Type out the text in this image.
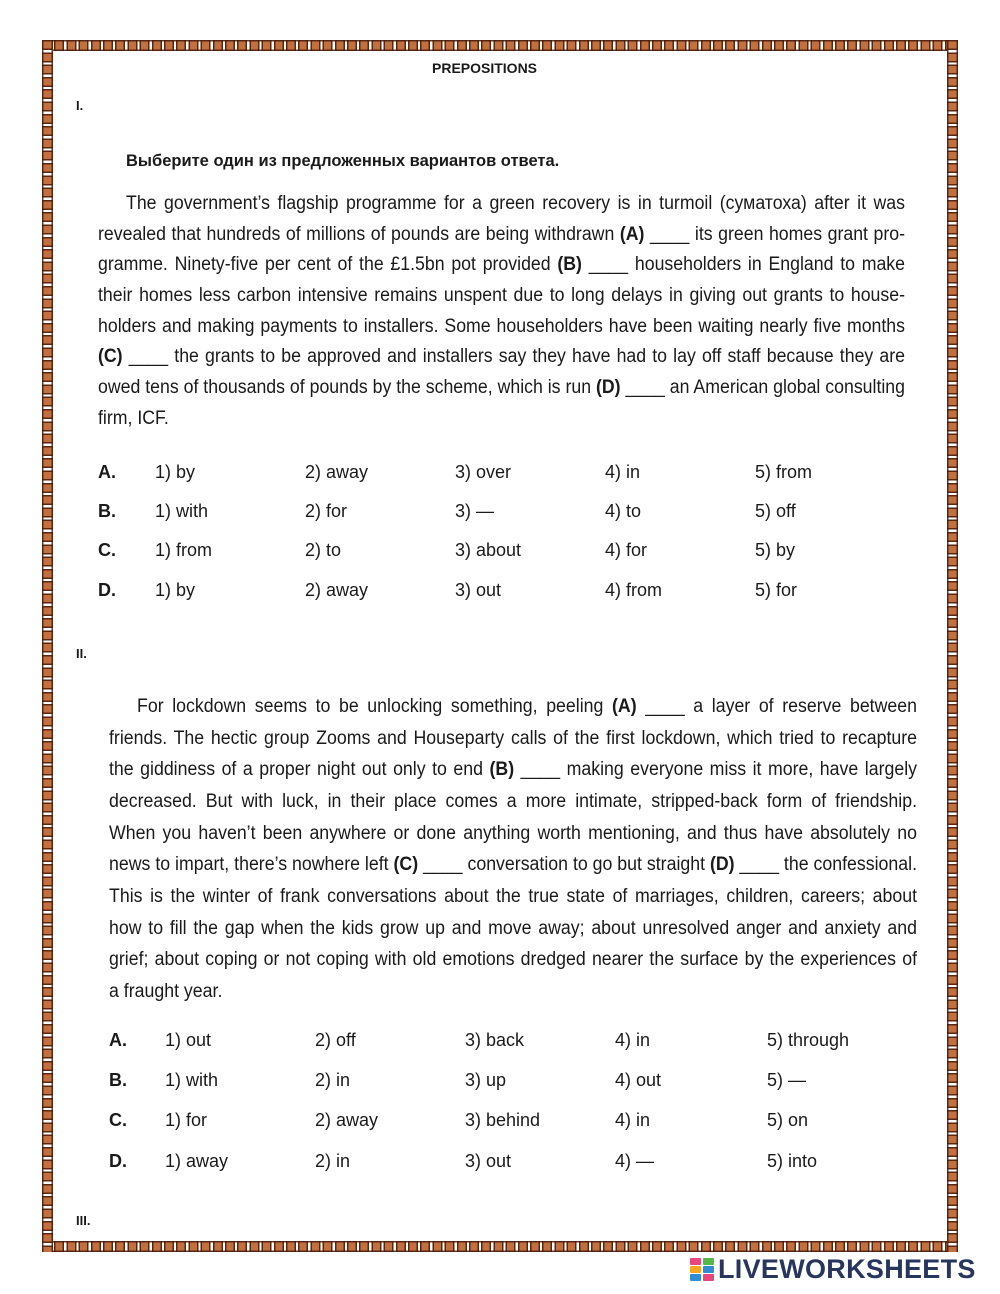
PREPOSITIONS
I.
Выберите один из предложенных вариантов ответа.
The government’s flagship programme for a green recovery is in turmoil (суматоха) after it was
revealed that hundreds of millions of pounds are being withdrawn (A) ____ its green homes grant pro-
gramme. Ninety-five per cent of the £1.5bn pot provided (B) ____ householders in England to make
their homes less carbon intensive remains unspent due to long delays in giving out grants to house-
holders and making payments to installers. Some householders have been waiting nearly five months
(C) ____ the grants to be approved and installers say they have had to lay off staff because they are
owed tens of thousands of pounds by the scheme, which is run (D) ____ an American global consulting
firm, ICF.
A. 1) by	2) away	3) over	4) in	5) from
B. 1) with	2) for	3) —	4) to	5) off
C. 1) from	2) to	3) about	4) for	5) by
D. 1) by	2) away	3) out	4) from	5) for
II.
For lockdown seems to be unlocking something, peeling (A) ____ a layer of reserve between
friends. The hectic group Zooms and Houseparty calls of the first lockdown, which tried to recapture
the giddiness of a proper night out only to end (B) ____ making everyone miss it more, have largely
decreased. But with luck, in their place comes a more intimate, stripped-back form of friendship.
When you haven’t been anywhere or done anything worth mentioning, and thus have absolutely no
news to impart, there’s nowhere left (C) ____ conversation to go but straight (D) ____ the confessional.
This is the winter of frank conversations about the true state of marriages, children, careers; about
how to fill the gap when the kids grow up and move away; about unresolved anger and anxiety and
grief; about coping or not coping with old emotions dredged nearer the surface by the experiences of
a fraught year.
A. 1) out	2) off	3) back	4) in	5) through
B. 1) with	2) in	3) up	4) out	5) —
C. 1) for	2) away	3) behind	4) in	5) on
D. 1) away	2) in	3) out	4) —	5) into
III.
LIVEWORKSHEETS
